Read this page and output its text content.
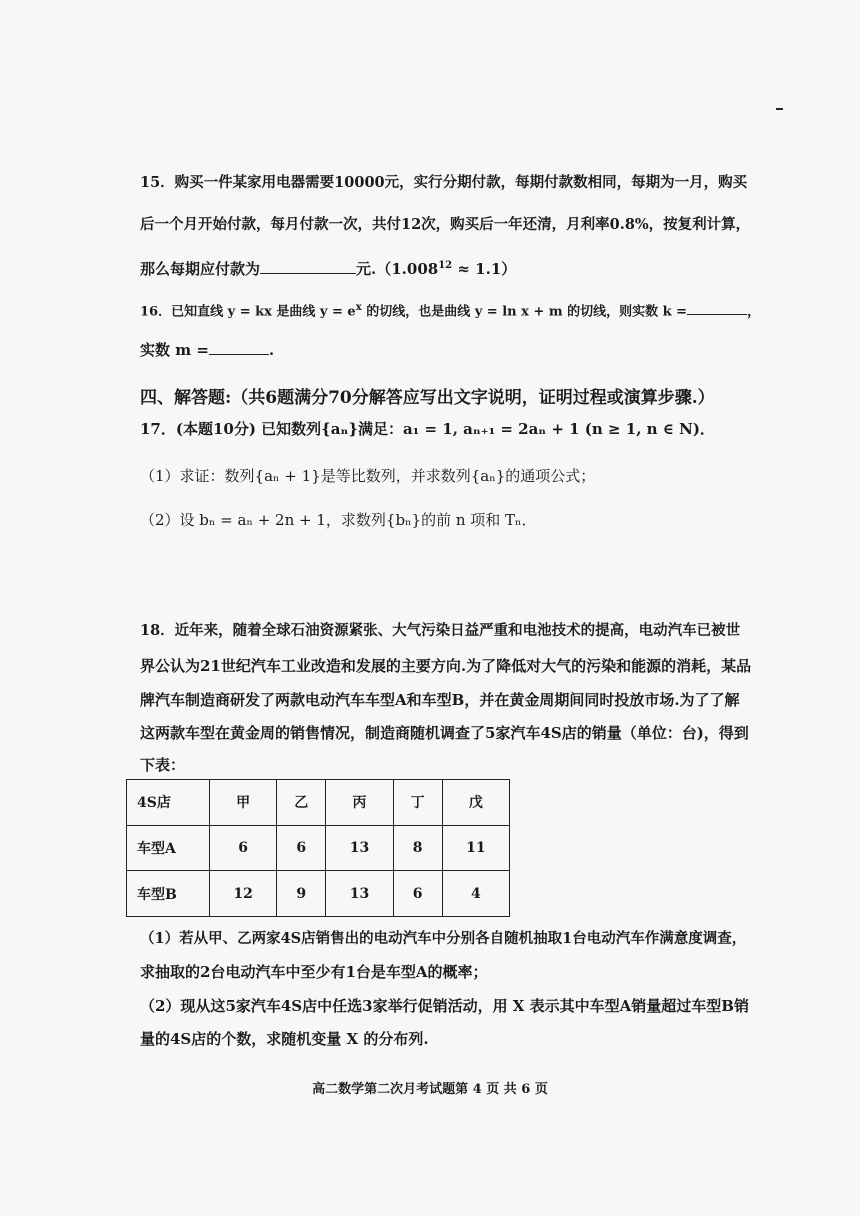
15．购买一件某家用电器需要10000元，实行分期付款，每期付款数相同，每期为一月，购买
后一个月开始付款，每月付款一次，共付12次，购买后一年还清，月利率0.8%，按复利计算，
那么每期应付款为	元$.(1.008^{12} \approx 1.1)$
16．已知直线 y = kx 是曲线 $y = e^x$ 的切线，也是曲线 y = ln x + m 的切线，则实数 k =	，
实数 m =	.
四、解答题:（共6题满分70分解答应写出文字说明，证明过程或演算步骤.）
17．(本题10分) 已知数列{aₙ}满足：a₁ = 1, aₙ₊₁ = 2aₙ + 1 (n ≥ 1, n ∈ N)．
（1）求证：数列{aₙ + 1}是等比数列，并求数列{aₙ}的通项公式；
（2）设 bₙ = aₙ + 2n + 1，求数列{bₙ}的前 n 项和 Tₙ．
18．近年来，随着全球石油资源紧张、大气污染日益严重和电池技术的提高，电动汽车已被世
界公认为21世纪汽车工业改造和发展的主要方向.为了降低对大气的污染和能源的消耗，某品
牌汽车制造商研发了两款电动汽车车型A和车型B，并在黄金周期间同时投放市场.为了了解
这两款车型在黄金周的销售情况，制造商随机调查了5家汽车4S店的销量（单位：台)，得到
下表：
4S店	甲	乙	丙	丁	戊
车型A	6	6	13	8	11
车型B	12	9	13	6	4
（1）若从甲、乙两家4S店销售出的电动汽车中分别各自随机抽取1台电动汽车作满意度调查，
求抽取的2台电动汽车中至少有1台是车型A的概率；
（2）现从这5家汽车4S店中任选3家举行促销活动，用 X 表示其中车型A销量超过车型B销
量的4S店的个数，求随机变量 X 的分布列.
高二数学第二次月考试题第 4 页 共 6 页
